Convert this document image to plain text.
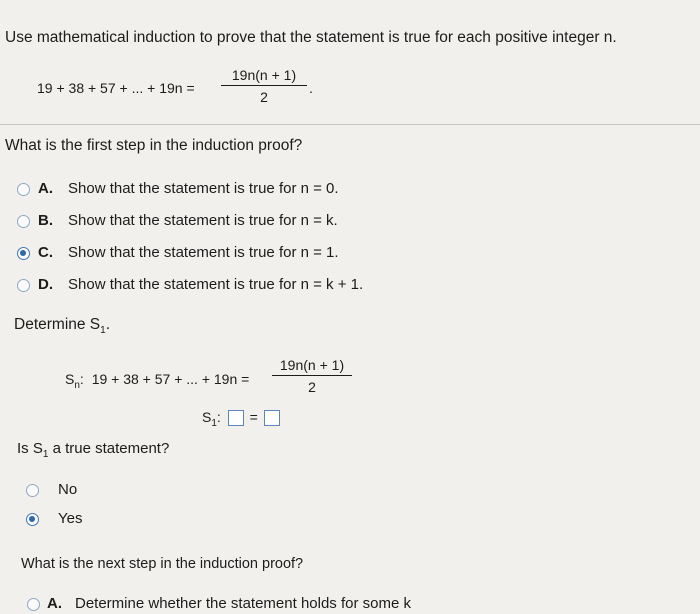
Use mathematical induction to prove that the statement is true for each positive integer n.
19 + 38 + 57 + ... + 19n =
19n(n + 1)
2
.
What is the first step in the induction proof?
A. Show that the statement is true for n = 0.
B. Show that the statement is true for n = k.
C. Show that the statement is true for n = 1.
D. Show that the statement is true for n = k + 1.
Determine $S_1$.
$S_n$: 19 + 38 + 57 + ... + 19n =
19n(n + 1)
2
$S_1$: =
Is $S_1$ a true statement?
No
Yes
What is the next step in the induction proof?
A. Determine whether the statement holds for some k
